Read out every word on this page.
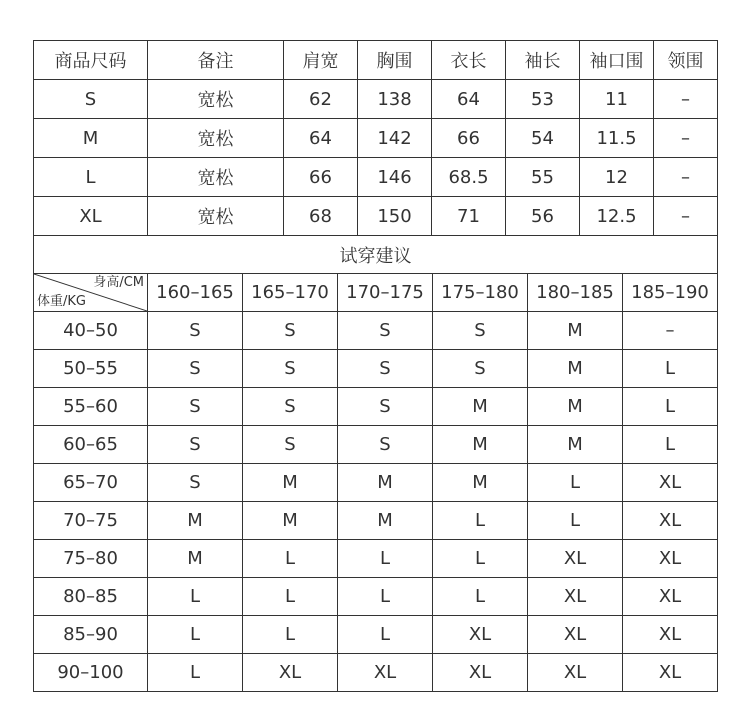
商品尺码	备注	肩宽	胸围	衣长	袖长	袖口围	领围
S	宽松	62	138	64	53	11	–
M	宽松	64	142	66	54	11.5	–
L	宽松	66	146	68.5	55	12	–
XL	宽松	68	150	71	56	12.5	–
试穿建议						

身高/CM
体重/KG	160–165	165–170	170–175	175–180	180–185	185–190
40–50	S	S	S	S	M	–
50–55	S	S	S	S	M	L
55–60	S	S	S	M	M	L
60–65	S	S	S	M	M	L
65–70	S	M	M	M	L	XL
70–75	M	M	M	L	L	XL
75–80	M	L	L	L	XL	XL
80–85	L	L	L	L	XL	XL
85–90	L	L	L	XL	XL	XL
90–100	L	XL	XL	XL	XL	XL
